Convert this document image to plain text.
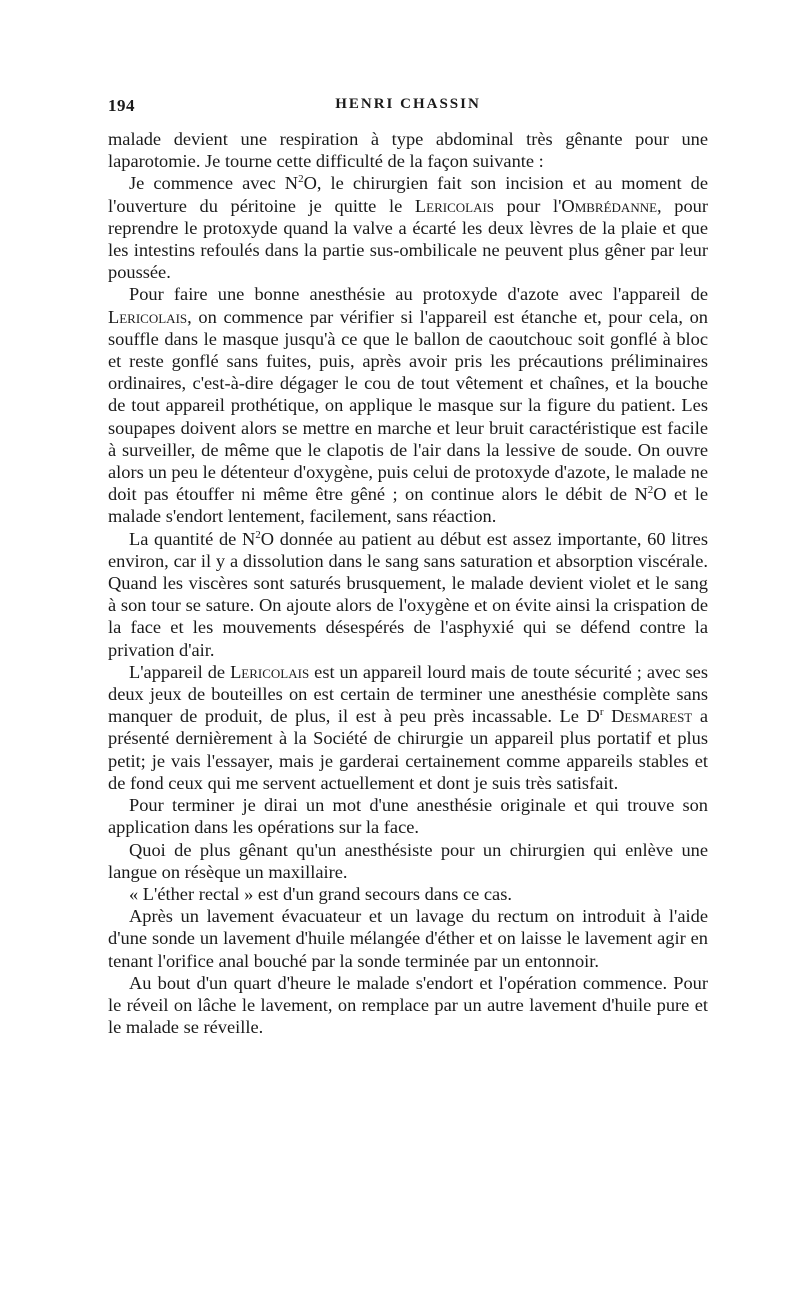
194	HENRI CHASSIN

malade devient une respiration à type abdominal très gênante pour une laparotomie. Je tourne cette difficulté de la façon suivante :

Je commence avec $N^2O$, le chirurgien fait son incision et au moment de l'ouverture du péritoine je quitte le Lericolais pour l'Ombrédanne, pour reprendre le protoxyde quand la valve a écarté les deux lèvres de la plaie et que les intestins refoulés dans la partie sus-ombilicale ne peuvent plus gêner par leur poussée.

Pour faire une bonne anesthésie au protoxyde d'azote avec l'appareil de Lericolais, on commence par vérifier si l'appareil est étanche et, pour cela, on souffle dans le masque jusqu'à ce que le ballon de caoutchouc soit gonflé à bloc et reste gonflé sans fuites, puis, après avoir pris les précautions préliminaires ordinaires, c'est-à-dire dégager le cou de tout vêtement et chaînes, et la bouche de tout appareil prothétique, on applique le masque sur la figure du patient. Les soupapes doivent alors se mettre en marche et leur bruit caractéristique est facile à surveiller, de même que le clapotis de l'air dans la lessive de soude. On ouvre alors un peu le détenteur d'oxygène, puis celui de protoxyde d'azote, le malade ne doit pas étouffer ni même être gêné ; on continue alors le débit de $N^2O$ et le malade s'endort lentement, facilement, sans réaction.

La quantité de $N^2O$ donnée au patient au début est assez importante, 60 litres environ, car il y a dissolution dans le sang sans saturation et absorption viscérale. Quand les viscères sont saturés brusquement, le malade devient violet et le sang à son tour se sature. On ajoute alors de l'oxygène et on évite ainsi la crispation de la face et les mouvements désespérés de l'asphyxié qui se défend contre la privation d'air.

L'appareil de Lericolais est un appareil lourd mais de toute sécurité ; avec ses deux jeux de bouteilles on est certain de terminer une anesthésie complète sans manquer de produit, de plus, il est à peu près incassable. Le $D^r$ Desmarest a présenté dernièrement à la Société de chirurgie un appareil plus portatif et plus petit; je vais l'essayer, mais je garderai certainement comme appareils stables et de fond ceux qui me servent actuellement et dont je suis très satisfait.

Pour terminer je dirai un mot d'une anesthésie originale et qui trouve son application dans les opérations sur la face.

Quoi de plus gênant qu'un anesthésiste pour un chirurgien qui enlève une langue on résèque un maxillaire.

« L'éther rectal » est d'un grand secours dans ce cas.

Après un lavement évacuateur et un lavage du rectum on introduit à l'aide d'une sonde un lavement d'huile mélangée d'éther et on laisse le lavement agir en tenant l'orifice anal bouché par la sonde terminée par un entonnoir.

Au bout d'un quart d'heure le malade s'endort et l'opération commence. Pour le réveil on lâche le lavement, on remplace par un autre lavement d'huile pure et le malade se réveille.
